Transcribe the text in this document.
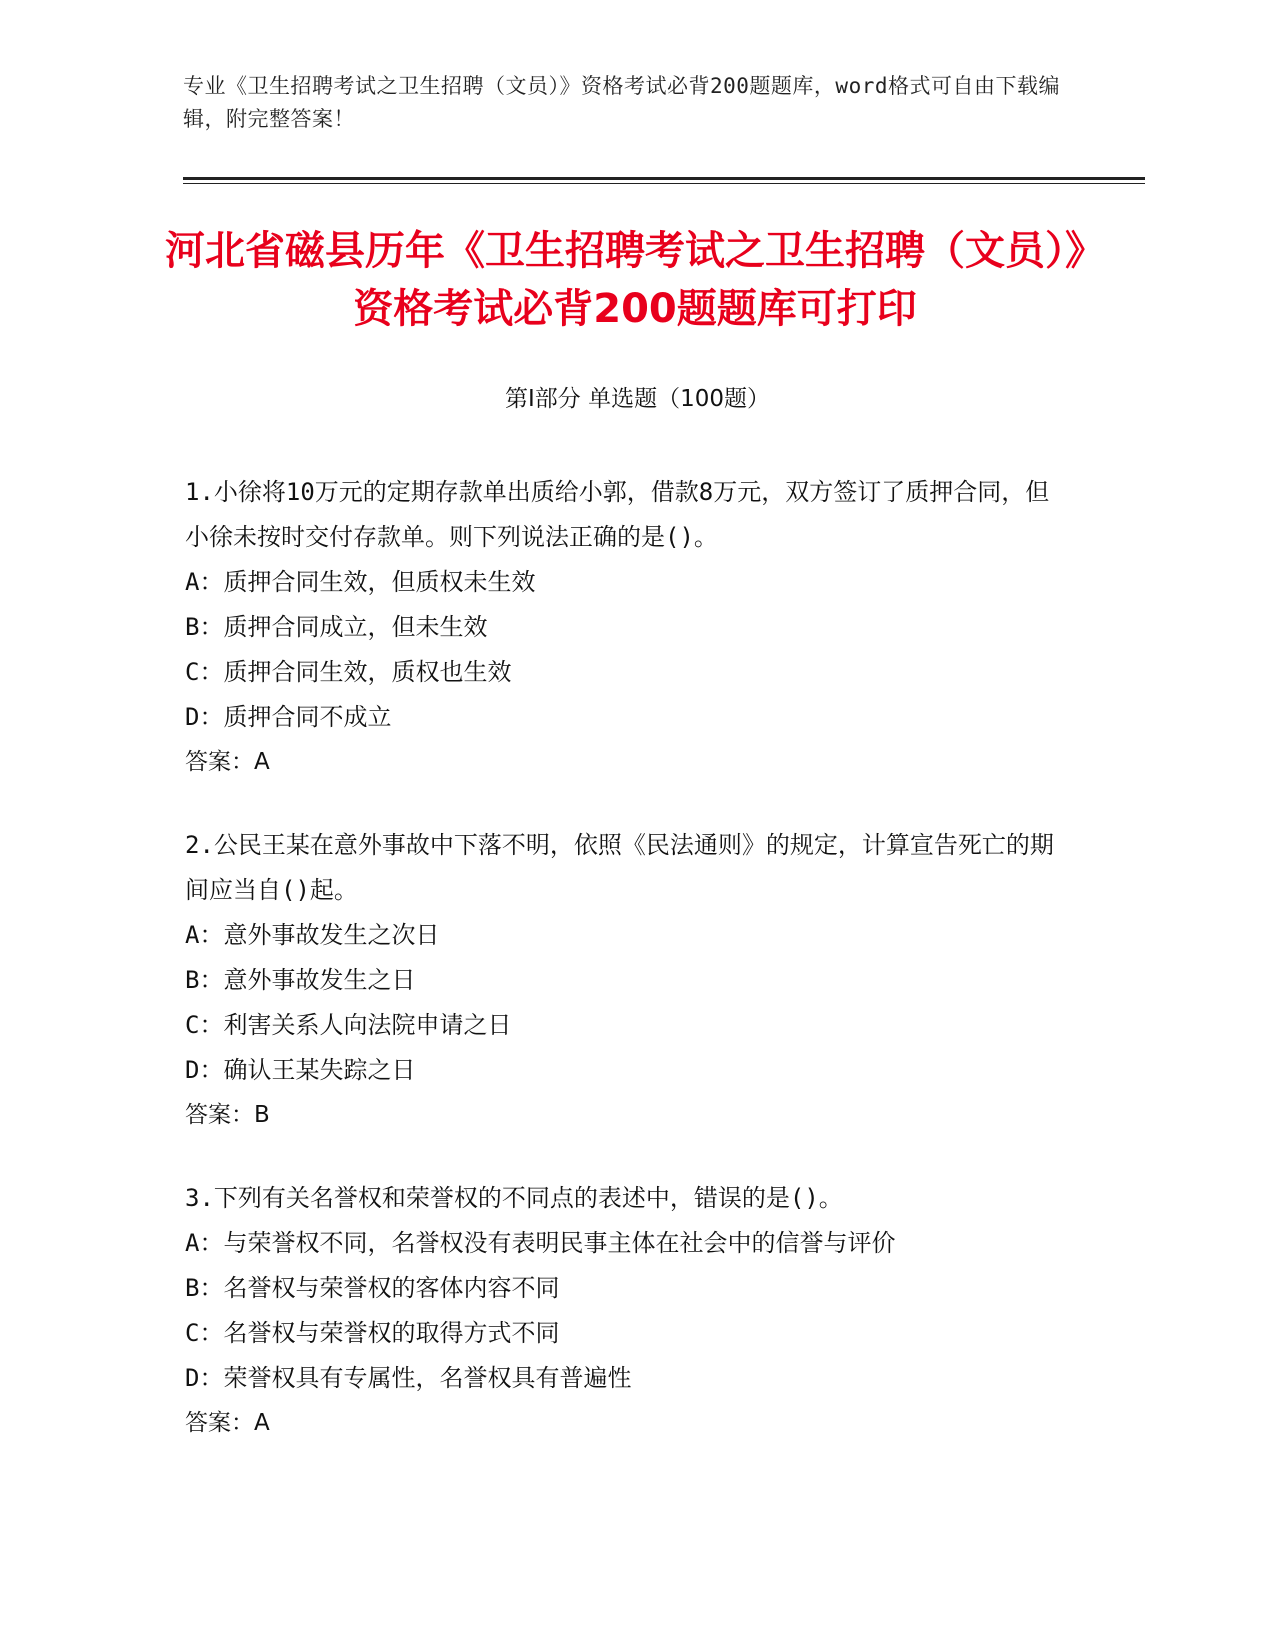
专业《卫生招聘考试之卫生招聘（文员）》资格考试必背200题题库，word格式可自由下载编辑，附完整答案！
河北省磁县历年《卫生招聘考试之卫生招聘（文员）》资格考试必背200题题库可打印
第I部分 单选题（100题）
1.小徐将10万元的定期存款单出质给小郭，借款8万元，双方签订了质押合同，但小徐未按时交付存款单。则下列说法正确的是()。
A：质押合同生效，但质权未生效
B：质押合同成立，但未生效
C：质押合同生效，质权也生效
D：质押合同不成立
答案：A
2.公民王某在意外事故中下落不明，依照《民法通则》的规定，计算宣告死亡的期间应当自()起。
A：意外事故发生之次日
B：意外事故发生之日
C：利害关系人向法院申请之日
D：确认王某失踪之日
答案：B
3.下列有关名誉权和荣誉权的不同点的表述中，错误的是()。
A：与荣誉权不同，名誉权没有表明民事主体在社会中的信誉与评价
B：名誉权与荣誉权的客体内容不同
C：名誉权与荣誉权的取得方式不同
D：荣誉权具有专属性，名誉权具有普遍性
答案：A
